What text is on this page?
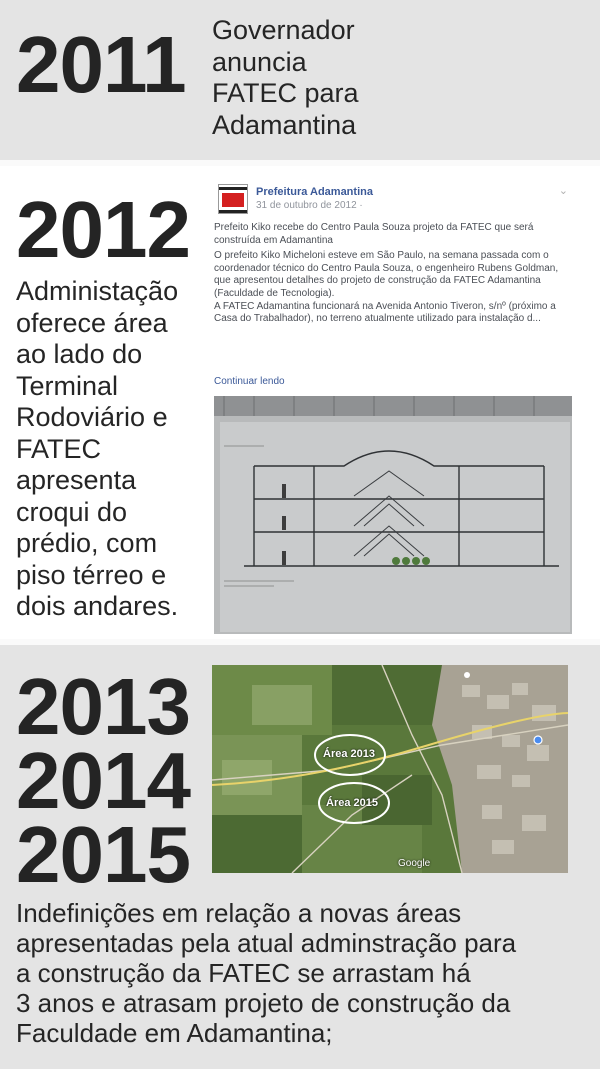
2011 Governador
anuncia
FATEC para
Adamantina
2012
Administação
oferece área
ao lado do
Terminal
Rodoviário e
FATEC
apresenta
croqui do
prédio, com
piso térreo e
dois andares.
Prefeitura Adamantina
31 de outubro de 2012 ·
⌄

Prefeito Kiko recebe do Centro Paula Souza projeto da FATEC que será construída em Adamantina

O prefeito Kiko Micheloni esteve em São Paulo, na semana passada com o coordenador técnico do Centro Paula Souza, o engenheiro Rubens Goldman, que apresentou detalhes do projeto de construção da FATEC Adamantina (Faculdade de Tecnologia).

A FATEC Adamantina funcionará na Avenida Antonio Tiveron, s/nº (próximo a Casa do Trabalhador), no terreno atualmente utilizado para instalação d...

Continuar lendo
2013
2014
2015
Área 2013
Área 2015
Google
Indefinições em relação a novas áreas
apresentadas pela atual adminstração para
a construção da FATEC se arrastam há
3 anos e atrasam projeto de construção da
Faculdade em Adamantina;
